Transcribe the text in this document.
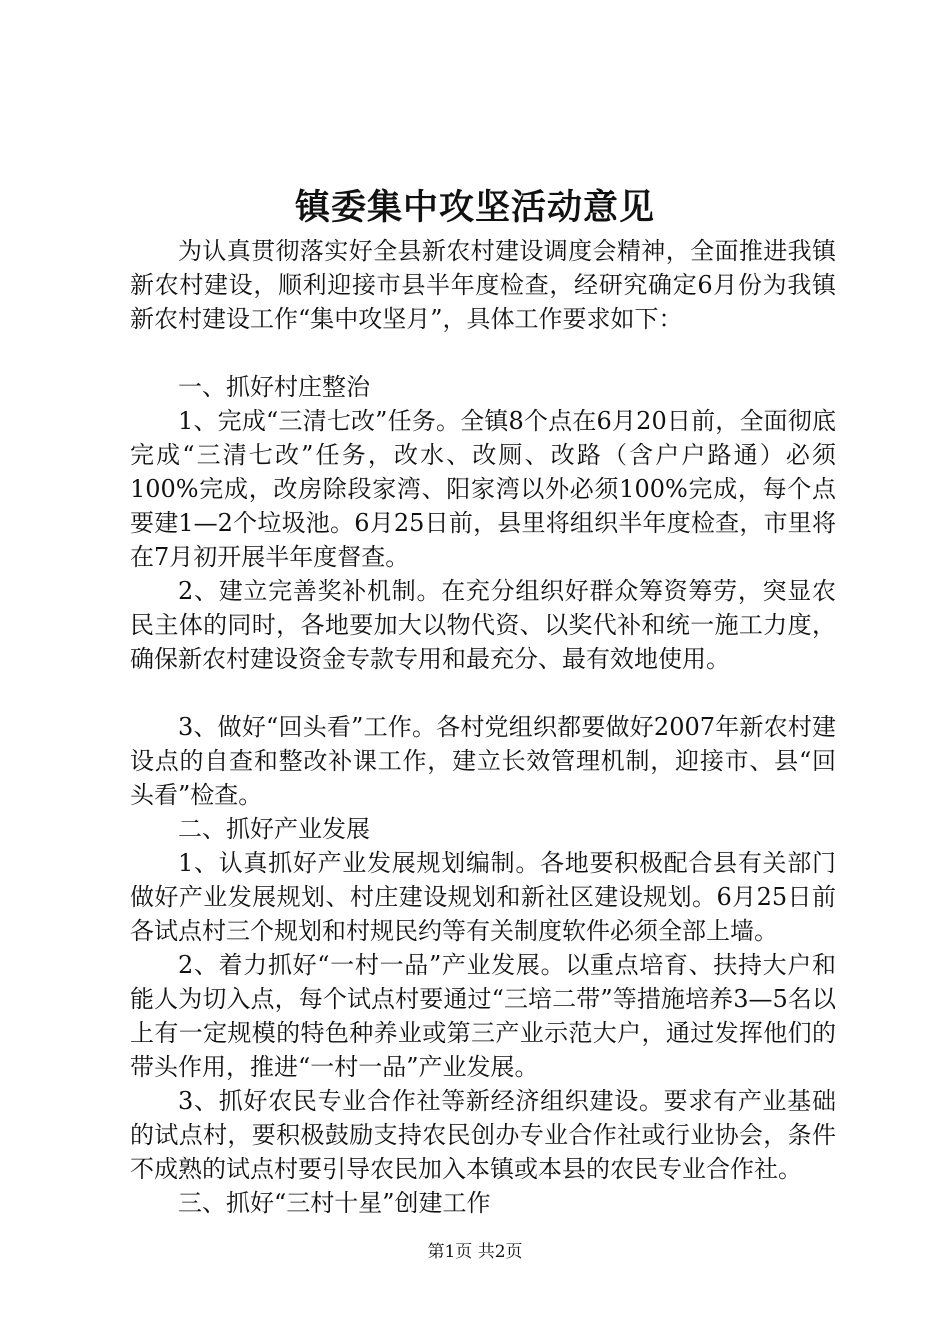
镇委集中攻坚活动意见

为认真贯彻落实好全县新农村建设调度会精神，全面推进我镇新农村建设，顺利迎接市县半年度检查，经研究确定6月份为我镇新农村建设工作“集中攻坚月”，具体工作要求如下：

一、抓好村庄整治

1、完成“三清七改”任务。全镇8个点在6月20日前，全面彻底完成“三清七改”任务，改水、改厕、改路（含户户路通）必须100%完成，改房除段家湾、阳家湾以外必须100%完成，每个点要建1—2个垃圾池。6月25日前，县里将组织半年度检查，市里将在7月初开展半年度督查。

2、建立完善奖补机制。在充分组织好群众筹资筹劳，突显农民主体的同时，各地要加大以物代资、以奖代补和统一施工力度，确保新农村建设资金专款专用和最充分、最有效地使用。

3、做好“回头看”工作。各村党组织都要做好2007年新农村建设点的自查和整改补课工作，建立长效管理机制，迎接市、县“回头看”检查。

二、抓好产业发展

1、认真抓好产业发展规划编制。各地要积极配合县有关部门做好产业发展规划、村庄建设规划和新社区建设规划。6月25日前各试点村三个规划和村规民约等有关制度软件必须全部上墙。

2、着力抓好“一村一品”产业发展。以重点培育、扶持大户和能人为切入点，每个试点村要通过“三培二带”等措施培养3—5名以上有一定规模的特色种养业或第三产业示范大户，通过发挥他们的带头作用，推进“一村一品”产业发展。

3、抓好农民专业合作社等新经济组织建设。要求有产业基础的试点村，要积极鼓励支持农民创办专业合作社或行业协会，条件不成熟的试点村要引导农民加入本镇或本县的农民专业合作社。

三、抓好“三村十星”创建工作

第1页 共2页
